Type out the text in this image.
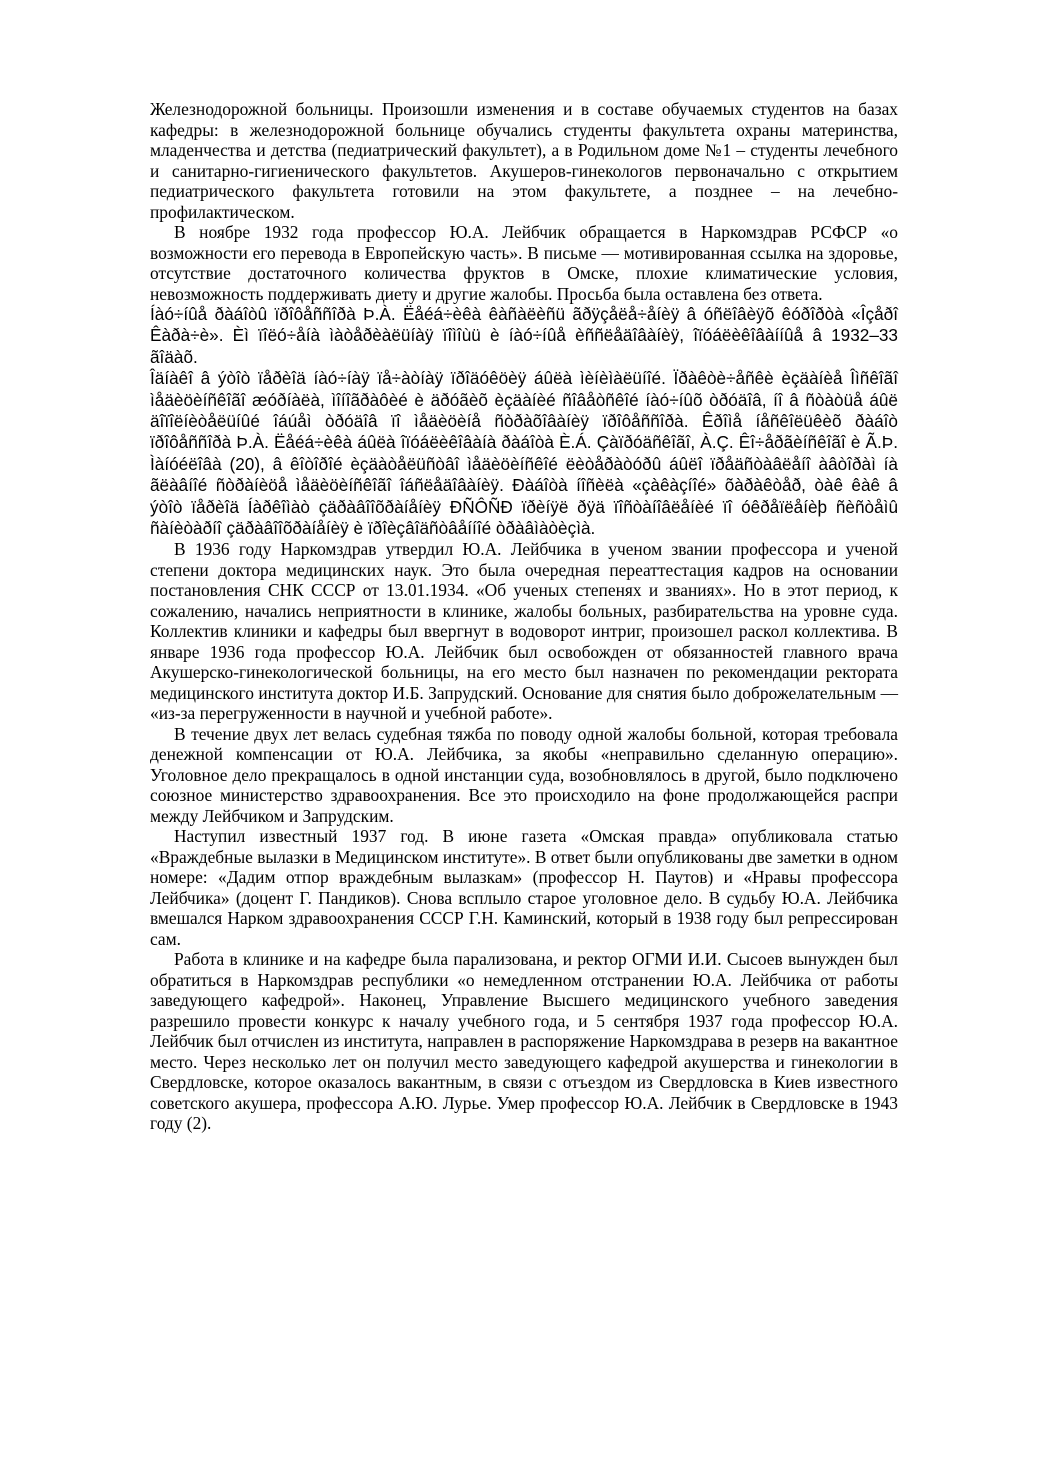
Железнодорожной больницы. Произошли изменения и в составе обучаемых студентов на базах кафедры: в железнодорожной больнице обучались студенты факультета охраны материнства, младенчества и детства (педиатрический факультет), а в Родильном доме №1 – студенты лечебного и санитарно-гигиенического факультетов. Акушеров-гинекологов первоначально с открытием педиатрического факультета готовили на этом факультете, а позднее – на лечебно-профилактическом.

В ноябре 1932 года профессор Ю.А. Лейбчик обращается в Наркомздрав РСФСР «о возможности его перевода в Европейскую часть». В письме — мотивированная ссылка на здоровье, отсутствие достаточного количества фруктов в Омске, плохие климатические условия, невозможность поддерживать диету и другие жалобы. Просьба была оставлена без ответа.

Íàó÷íûå ðàáîòû ïðîôåññîðà Þ.À. Ëåéá÷èêà êàñàëèñü ãðÿçåëå÷åíèÿ â óñëîâèÿõ êóðîðòà «Îçåðî Êàðà÷è». Èì ïîëó÷åíà ìàòåðèàëüíàÿ ïîìîùü è íàó÷íûå èññëåäîâàíèÿ, îïóáëèêîâàííûå â 1932–33 ãîäàõ.

Îäíàêî â ýòîò ïåðèîä íàó÷íàÿ ïå÷àòíàÿ ïðîäóêöèÿ áûëà ìèíèìàëüíîé. Ïðàêòè÷åñêè èçäàíèå Îìñêîãî ìåäèöèíñêîãî æóðíàëà, ìîíîãðàôèé è äðóãèõ èçäàíèé ñîâåòñêîé íàó÷íûõ òðóäîâ, íî â ñòàòüå áûë äîïîëíèòåëüíûé îáúåì òðóäîâ ïî ìåäèöèíå ñòðàõîâàíèÿ ïðîôåññîðà. Êðîìå íåñêîëüêèõ ðàáîò ïðîôåññîðà Þ.À. Ëåéá÷èêà áûëà îïóáëèêîâàíà ðàáîòà È.Á. Çàïðóäñêîãî, À.Ç. Êî÷åðãèíñêîãî è Ã.Þ. Ìàíóéëîâà (20), â êîòîðîé èçäàòåëüñòâî ìåäèöèíñêîé ëèòåðàòóðû áûëî ïðåäñòàâëåíî àâòîðàì íà ãëàâíîé ñòðàíèöå ìåäèöèíñêîãî îáñëåäîâàíèÿ. Ðàáîòà íîñèëà «çàêàçíîé» õàðàêòåð, òàê êàê â ýòîò ïåðèîä Íàðêîìàò çäðàâîîõðàíåíèÿ ÐÑÔÑÐ ïðèíÿë ðÿä ïîñòàíîâëåíèé ïî óêðåïëåíèþ ñèñòåìû ñàíèòàðíî çäðàâîîõðàíåíèÿ è ïðîèçâîäñòâåííîé òðàâìàòèçìà.

В 1936 году Наркомздрав утвердил Ю.А. Лейбчика в ученом звании профессора и ученой степени доктора медицинских наук. Это была очередная переаттестация кадров на основании постановления СНК СССР от 13.01.1934. «Об ученых степенях и званиях». Но в этот период, к сожалению, начались неприятности в клинике, жалобы больных, разбирательства на уровне суда. Коллектив клиники и кафедры был ввергнут в водоворот интриг, произошел раскол коллектива. В январе 1936 года профессор Ю.А. Лейбчик был освобожден от обязанностей главного врача Акушерско-гинекологической больницы, на его место был назначен по рекомендации ректората медицинского института доктор И.Б. Запрудский. Основание для снятия было доброжелательным — «из-за перегруженности в научной и учебной работе».

В течение двух лет велась судебная тяжба по поводу одной жалобы больной, которая требовала денежной компенсации от Ю.А. Лейбчика, за якобы «неправильно сделанную операцию». Уголовное дело прекращалось в одной инстанции суда, возобновлялось в другой, было подключено союзное министерство здравоохранения. Все это происходило на фоне продолжающейся распри между Лейбчиком и Запрудским.

Наступил известный 1937 год. В июне газета «Омская правда» опубликовала статью «Враждебные вылазки в Медицинском институте». В ответ были опубликованы две заметки в одном номере: «Дадим отпор враждебным вылазкам» (профессор Н. Паутов) и «Нравы профессора Лейбчика» (доцент Г. Пандиков). Снова всплыло старое уголовное дело. В судьбу Ю.А. Лейбчика вмешался Нарком здравоохранения СССР Г.Н. Каминский, который в 1938 году был репрессирован сам.

Работа в клинике и на кафедре была парализована, и ректор ОГМИ И.И. Сысоев вынужден был обратиться в Наркомздрав республики «о немедленном отстранении Ю.А. Лейбчика от работы заведующего кафедрой». Наконец, Управление Высшего медицинского учебного заведения разрешило провести конкурс к началу учебного года, и 5 сентября 1937 года профессор Ю.А. Лейбчик был отчислен из института, направлен в распоряжение Наркомздрава в резерв на вакантное место. Через несколько лет он получил место заведующего кафедрой акушерства и гинекологии в Свердловске, которое оказалось вакантным, в связи с отъездом из Свердловска в Киев известного советского акушера, профессора А.Ю. Лурье. Умер профессор Ю.А. Лейбчик в Свердловске в 1943 году (2).
